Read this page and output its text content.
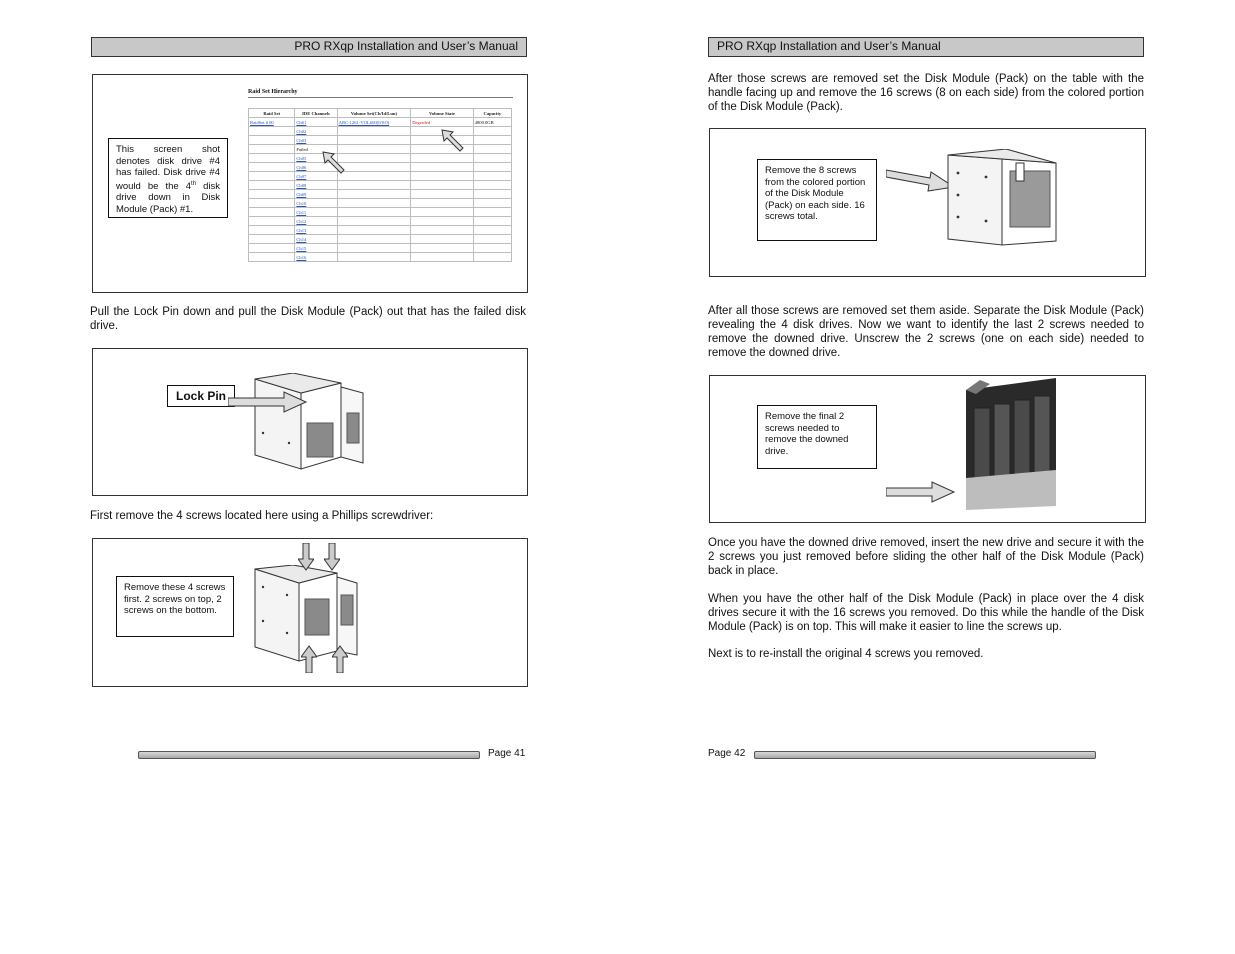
PRO RXqp Installation and User’s Manual
This screen shot denotes disk drive #4 has failed. Disk drive #4 would be the 4th disk drive down in Disk Module (Pack) #1.
Raid Set Hierarchy
Raid Set	IDE Channels	Volume Set(Ch/Id/Lun)	Volume State	Capacity
RaidSet # 00	Ch01	ARC-1261-VOL#00(0/0/0)	Degraded	4800.0GB
	Ch02			
	Ch03			
	Failed			
	Ch05			
	Ch06			
	Ch07			
	Ch08			
	Ch09			
	Ch10			
	Ch11			
	Ch12			
	Ch13			
	Ch14			
	Ch15			
	Ch16			
Pull the Lock Pin down and pull the Disk Module (Pack) out that has the failed disk drive.
Lock Pin
First remove the 4 screws located here using a Phillips screwdriver:
Remove these 4 screws first. 2 screws on top, 2 screws on the bottom.
Page 41
PRO RXqp Installation and User’s Manual
After those screws are removed set the Disk Module (Pack) on the table with the handle facing up and remove the 16 screws (8 on each side) from the colored portion of the Disk Module (Pack).
Remove the 8 screws from the colored portion of the Disk Module (Pack) on each side. 16 screws total.
After all those screws are removed set them aside. Separate the Disk Module (Pack) revealing the 4 disk drives. Now we want to identify the last 2 screws needed to remove the downed drive. Unscrew the 2 screws (one on each side) needed to remove the downed drive.
Remove the final 2 screws needed to remove the downed drive.
Once you have the downed drive removed, insert the new drive and secure it with the 2 screws you just removed before sliding the other half of the Disk Module (Pack) back in place.
When you have the other half of the Disk Module (Pack) in place over the 4 disk drives secure it with the 16 screws you removed. Do this while the handle of the Disk Module (Pack) is on top. This will make it easier to line the screws up.
Next is to re-install the original 4 screws you removed.
Page 42
